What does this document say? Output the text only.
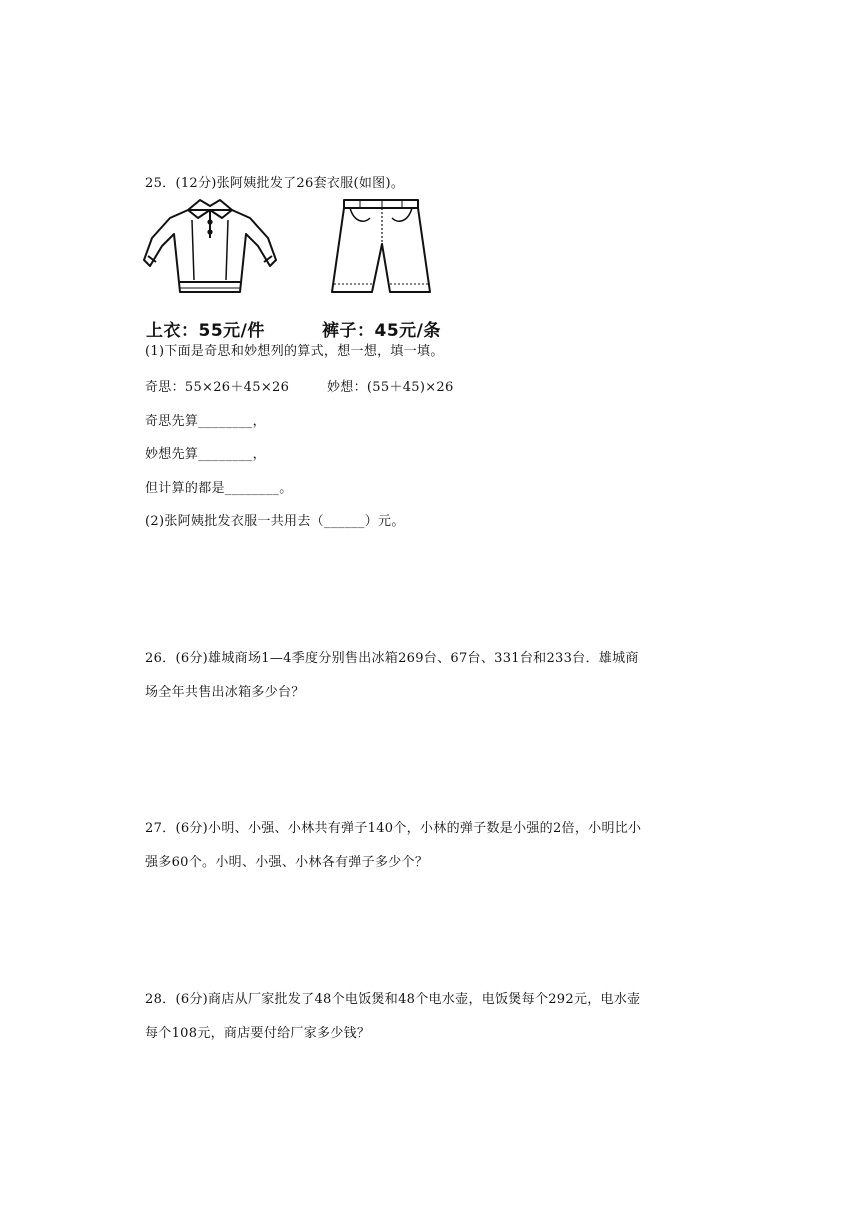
25．(12分)张阿姨批发了26套衣服(如图)。
上衣：55元/件	裤子：45元/条
(1)下面是奇思和妙想列的算式，想一想，填一填。
奇思：55×26＋45×26	妙想：(55＋45)×26
奇思先算________，
妙想先算________，
但计算的都是________。
(2)张阿姨批发衣服一共用去（______）元。
26．(6分)雄城商场1—4季度分别售出冰箱269台、67台、331台和233台．雄城商
场全年共售出冰箱多少台？
27．(6分)小明、小强、小林共有弹子140个，小林的弹子数是小强的2倍，小明比小
强多60个。小明、小强、小林各有弹子多少个？
28．(6分)商店从厂家批发了48个电饭煲和48个电水壶，电饭煲每个292元，电水壶
每个108元，商店要付给厂家多少钱？
